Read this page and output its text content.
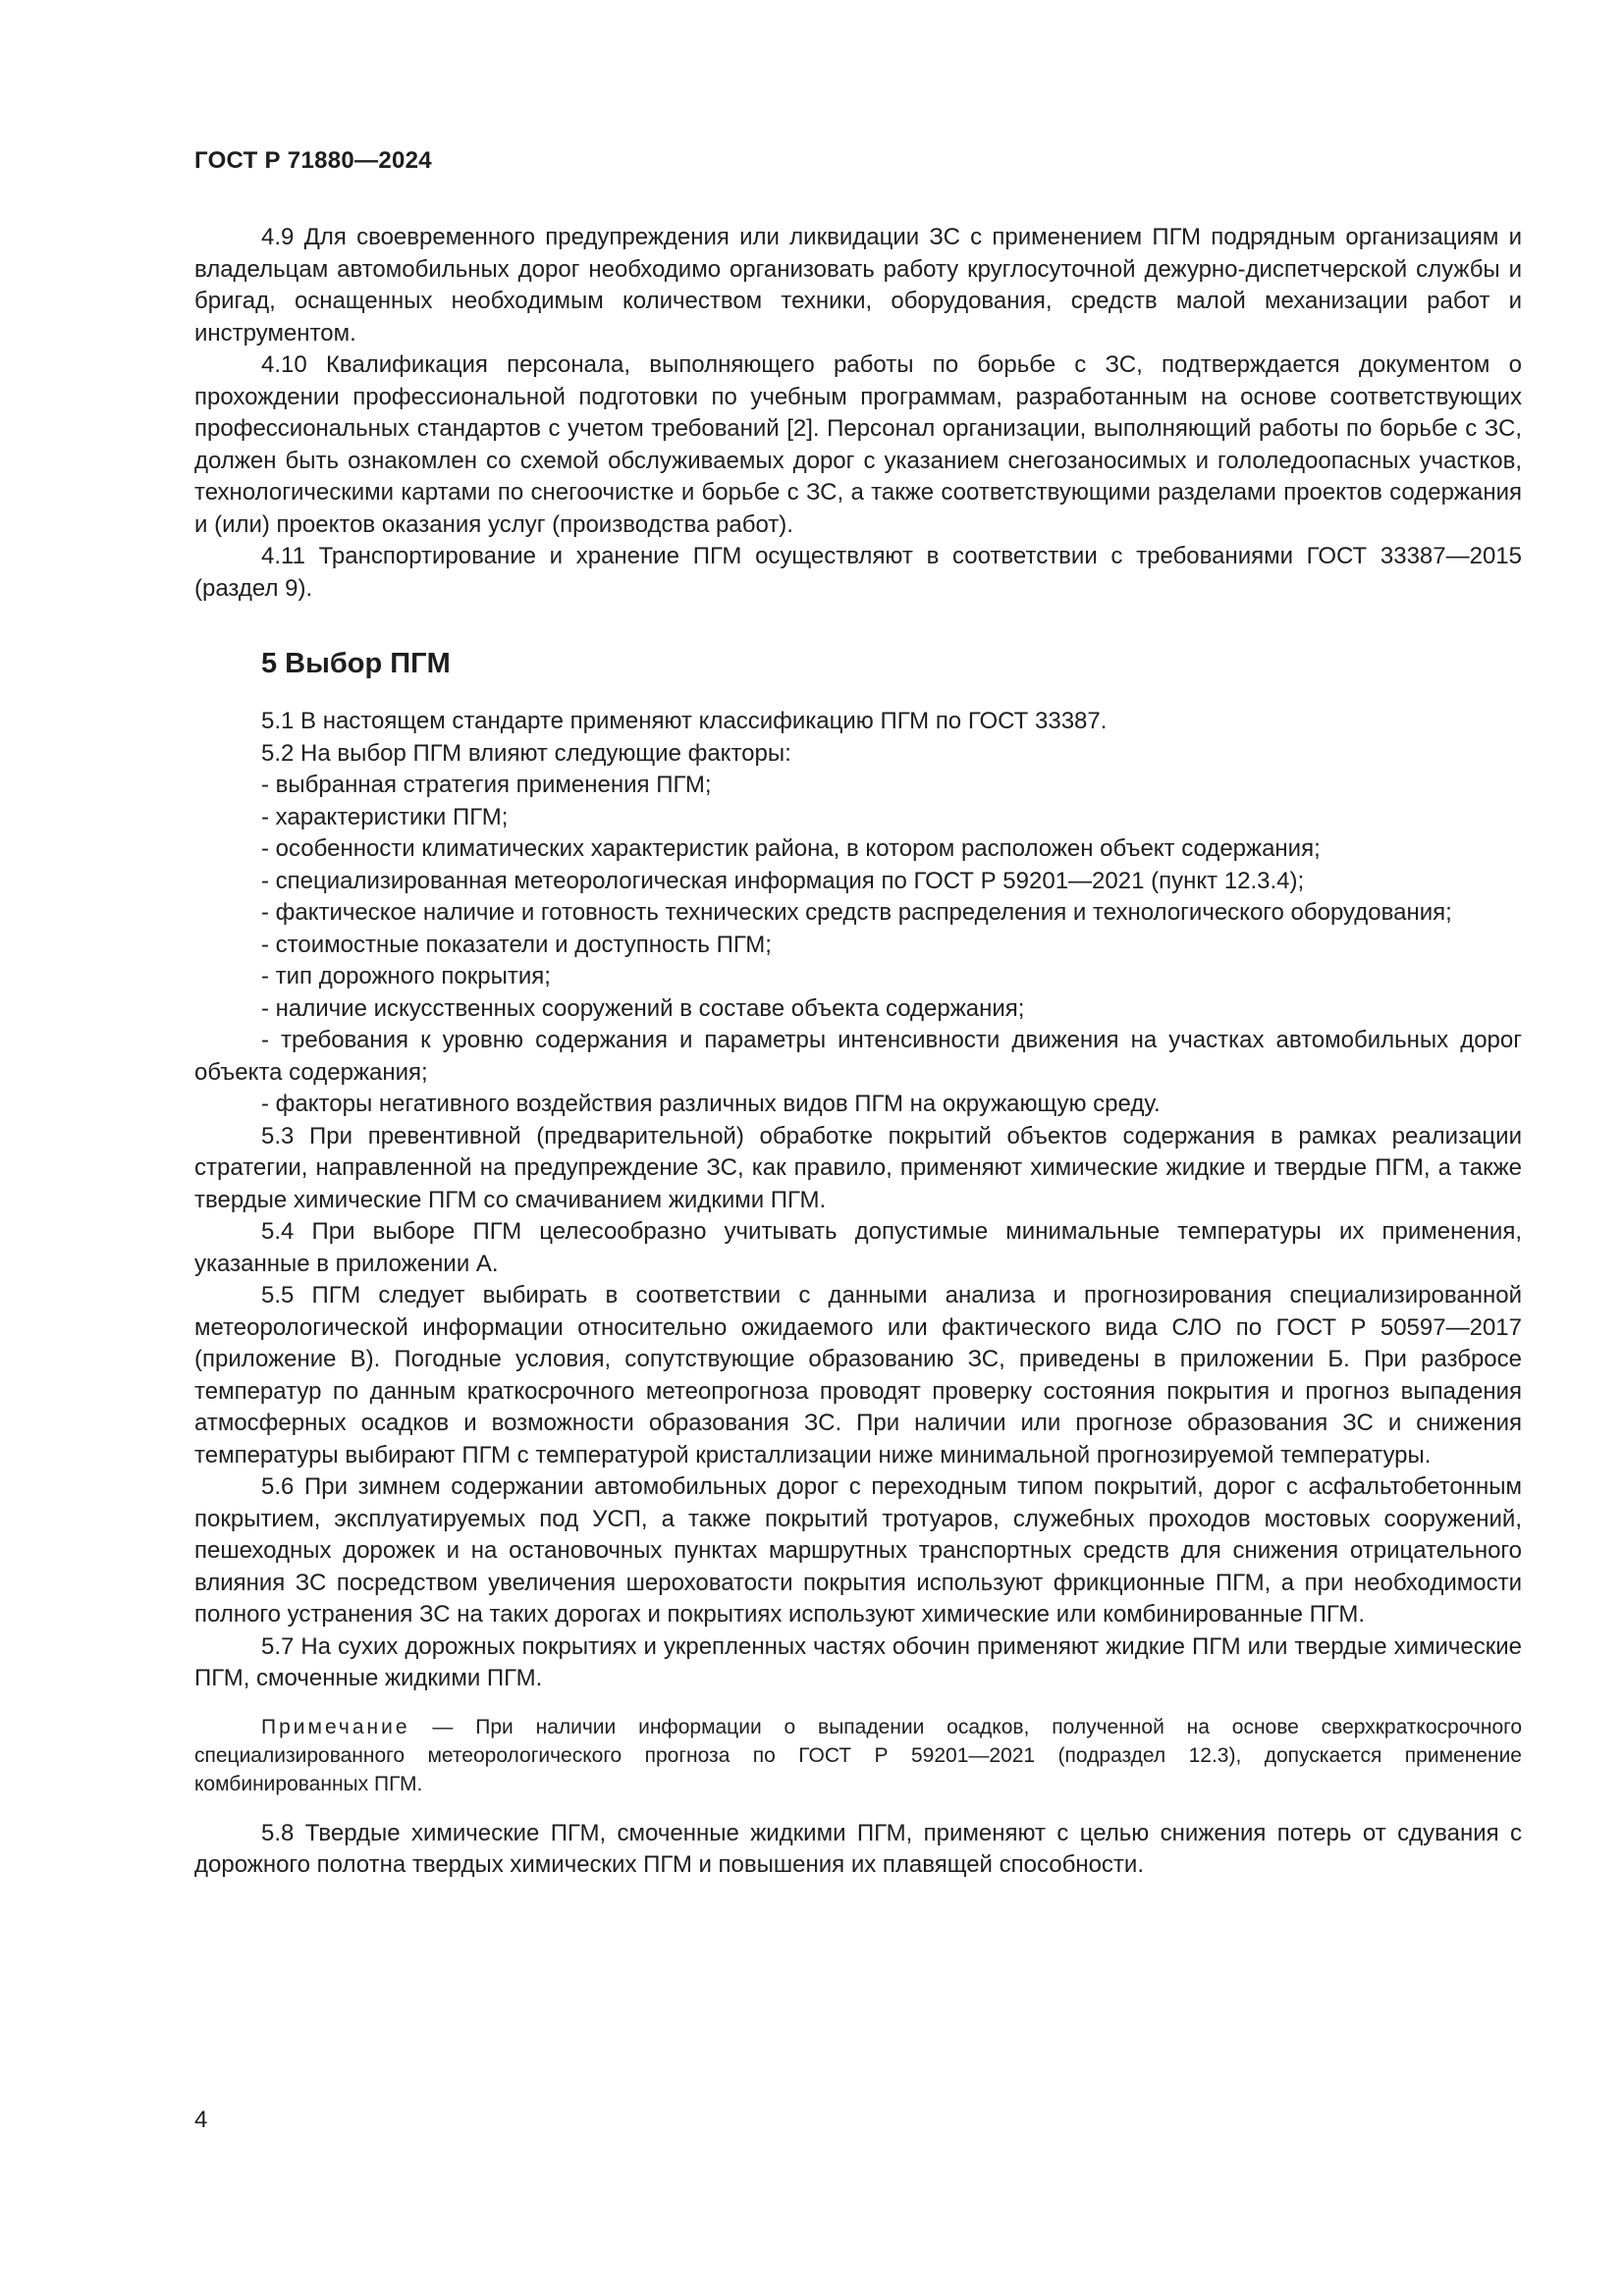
ГОСТ Р 71880—2024

4.9 Для своевременного предупреждения или ликвидации ЗС с применением ПГМ подрядным организациям и владельцам автомобильных дорог необходимо организовать работу круглосуточной дежурно-диспетчерской службы и бригад, оснащенных необходимым количеством техники, оборудования, средств малой механизации работ и инструментом.

4.10 Квалификация персонала, выполняющего работы по борьбе с ЗС, подтверждается документом о прохождении профессиональной подготовки по учебным программам, разработанным на основе соответствующих профессиональных стандартов с учетом требований [2]. Персонал организации, выполняющий работы по борьбе с ЗС, должен быть ознакомлен со схемой обслуживаемых дорог с указанием снегозаносимых и гололедоопасных участков, технологическими картами по снегоочистке и борьбе с ЗС, а также соответствующими разделами проектов содержания и (или) проектов оказания услуг (производства работ).

4.11 Транспортирование и хранение ПГМ осуществляют в соответствии с требованиями ГОСТ 33387—2015 (раздел 9).

5 Выбор ПГМ

5.1 В настоящем стандарте применяют классификацию ПГМ по ГОСТ 33387.

5.2 На выбор ПГМ влияют следующие факторы:

- выбранная стратегия применения ПГМ;

- характеристики ПГМ;

- особенности климатических характеристик района, в котором расположен объект содержания;

- специализированная метеорологическая информация по ГОСТ Р 59201—2021 (пункт 12.3.4);

- фактическое наличие и готовность технических средств распределения и технологического оборудования;

- стоимостные показатели и доступность ПГМ;

- тип дорожного покрытия;

- наличие искусственных сооружений в составе объекта содержания;

- требования к уровню содержания и параметры интенсивности движения на участках автомобильных дорог объекта содержания;

- факторы негативного воздействия различных видов ПГМ на окружающую среду.

5.3 При превентивной (предварительной) обработке покрытий объектов содержания в рамках реализации стратегии, направленной на предупреждение ЗС, как правило, применяют химические жидкие и твердые ПГМ, а также твердые химические ПГМ со смачиванием жидкими ПГМ.

5.4 При выборе ПГМ целесообразно учитывать допустимые минимальные температуры их применения, указанные в приложении А.

5.5 ПГМ следует выбирать в соответствии с данными анализа и прогнозирования специализированной метеорологической информации относительно ожидаемого или фактического вида СЛО по ГОСТ Р 50597—2017 (приложение В). Погодные условия, сопутствующие образованию ЗС, приведены в приложении Б. При разбросе температур по данным краткосрочного метеопрогноза проводят проверку состояния покрытия и прогноз выпадения атмосферных осадков и возможности образования ЗС. При наличии или прогнозе образования ЗС и снижения температуры выбирают ПГМ с температурой кристаллизации ниже минимальной прогнозируемой температуры.

5.6 При зимнем содержании автомобильных дорог с переходным типом покрытий, дорог с асфальтобетонным покрытием, эксплуатируемых под УСП, а также покрытий тротуаров, служебных проходов мостовых сооружений, пешеходных дорожек и на остановочных пунктах маршрутных транспортных средств для снижения отрицательного влияния ЗС посредством увеличения шероховатости покрытия используют фрикционные ПГМ, а при необходимости полного устранения ЗС на таких дорогах и покрытиях используют химические или комбинированные ПГМ.

5.7 На сухих дорожных покрытиях и укрепленных частях обочин применяют жидкие ПГМ или твердые химические ПГМ, смоченные жидкими ПГМ.

Примечание — При наличии информации о выпадении осадков, полученной на основе сверхкраткосрочного специализированного метеорологического прогноза по ГОСТ Р 59201—2021 (подраздел 12.3), допускается применение комбинированных ПГМ.

5.8 Твердые химические ПГМ, смоченные жидкими ПГМ, применяют с целью снижения потерь от сдувания с дорожного полотна твердых химических ПГМ и повышения их плавящей способности.

4
